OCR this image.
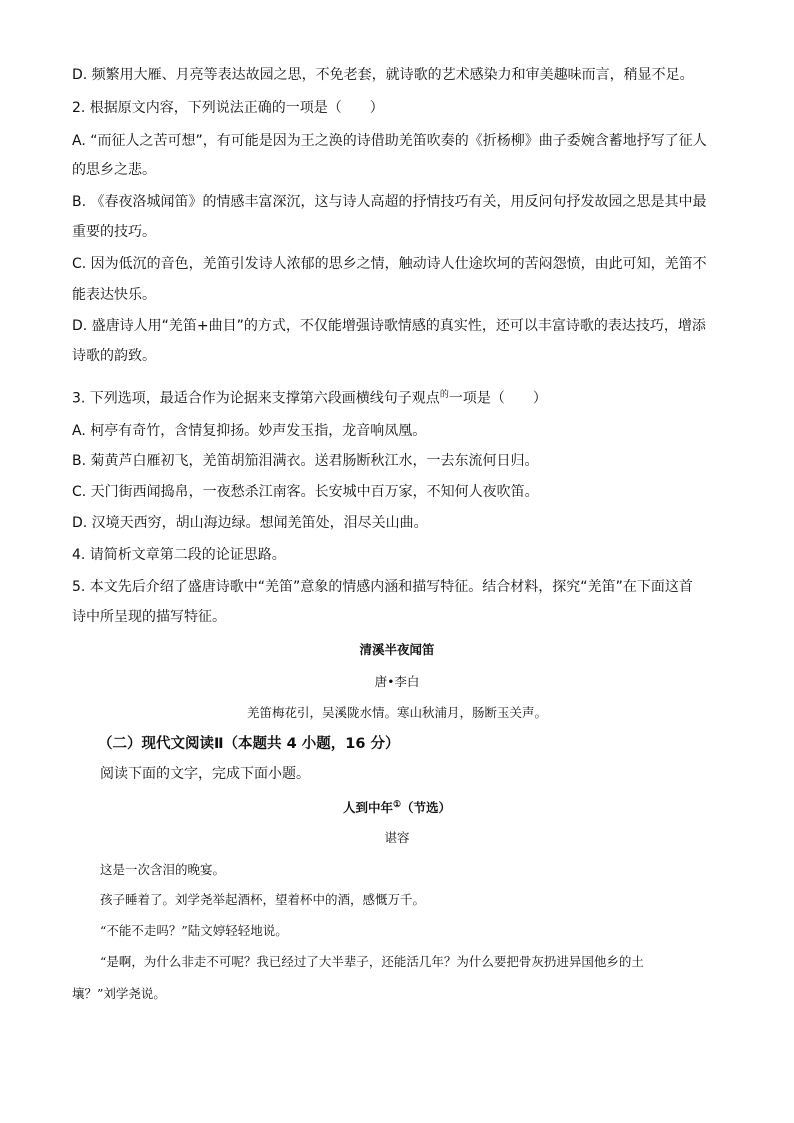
D. 频繁用大雁、月亮等表达故园之思，不免老套，就诗歌的艺术感染力和审美趣味而言，稍显不足。
2. 根据原文内容，下列说法正确的一项是（　　）
A. “而征人之苦可想”，有可能是因为王之涣的诗借助羌笛吹奏的《折杨柳》曲子委婉含蓄地抒写了征人
的思乡之悲。
B. 《春夜洛城闻笛》的情感丰富深沉，这与诗人高超的抒情技巧有关，用反问句抒发故园之思是其中最
重要的技巧。
C. 因为低沉的音色，羌笛引发诗人浓郁的思乡之情，触动诗人仕途坎坷的苦闷怨愤，由此可知，羌笛不
能表达快乐。
D. 盛唐诗人用“羌笛+曲目”的方式，不仅能增强诗歌情感的真实性，还可以丰富诗歌的表达技巧，增添
诗歌的韵致。
3. 下列选项，最适合作为论据来支撑第六段画横线句子观点$^的$一项是（　　）
A. 柯亭有奇竹，含情复抑扬。妙声发玉指，龙音响凤凰。
B. 菊黄芦白雁初飞，羌笛胡笳泪满衣。送君肠断秋江水，一去东流何日归。
C. 天门街西闻捣帛，一夜愁杀江南客。长安城中百万家，不知何人夜吹笛。
D. 汉境天西穷，胡山海边绿。想闻羌笛处，泪尽关山曲。
4. 请简析文章第二段的论证思路。
5. 本文先后介绍了盛唐诗歌中“羌笛”意象的情感内涵和描写特征。结合材料，探究“羌笛”在下面这首
诗中所呈现的描写特征。
清溪半夜闻笛
唐•李白
羌笛梅花引，吴溪陇水情。寒山秋浦月，肠断玉关声。
（二）现代文阅读Ⅱ（本题共 4 小题，16 分）
阅读下面的文字，完成下面小题。
人到中年①（节选）
谌容
这是一次含泪的晚宴。
孩子睡着了。刘学尧举起酒杯，望着杯中的酒，感慨万千。
“不能不走吗？”陆文婷轻轻地说。
“是啊，为什么非走不可呢？我已经过了大半辈子，还能活几年？为什么要把骨灰扔进异国他乡的土
壤？”刘学尧说。
